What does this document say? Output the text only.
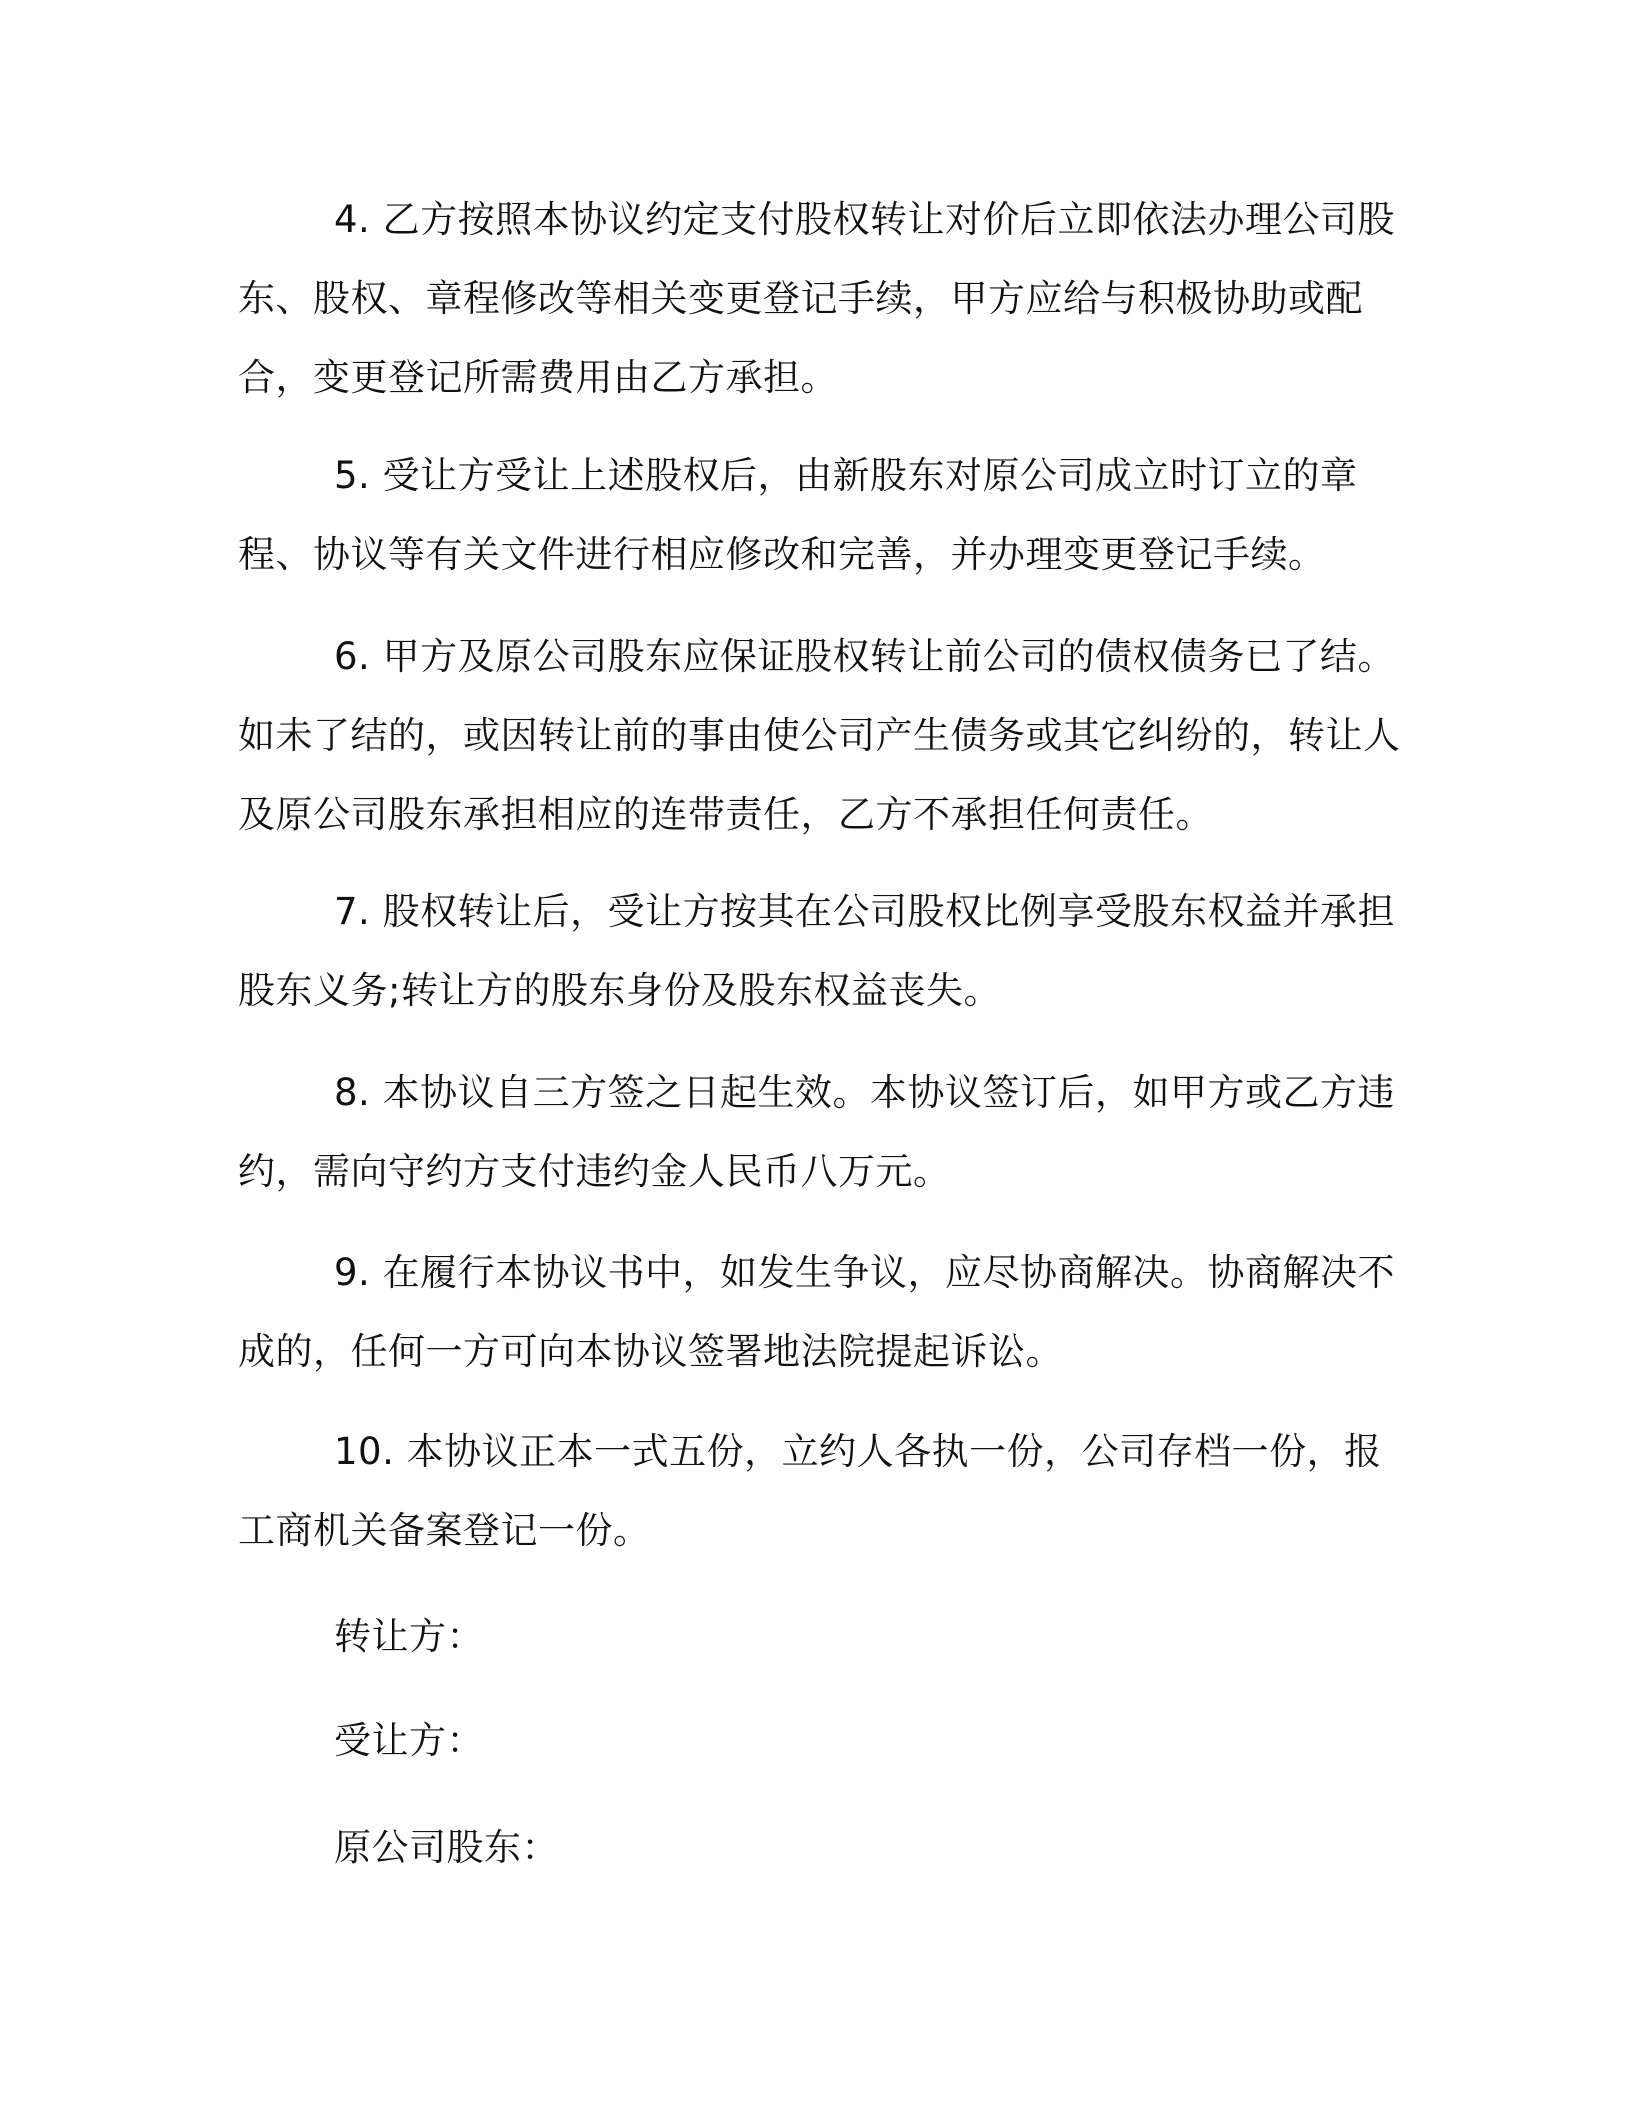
4. 乙方按照本协议约定支付股权转让对价后立即依法办理公司股东、股权、章程修改等相关变更登记手续，甲方应给与积极协助或配合，变更登记所需费用由乙方承担。

5. 受让方受让上述股权后，由新股东对原公司成立时订立的章程、协议等有关文件进行相应修改和完善，并办理变更登记手续。

6. 甲方及原公司股东应保证股权转让前公司的债权债务已了结。如未了结的，或因转让前的事由使公司产生债务或其它纠纷的，转让人及原公司股东承担相应的连带责任，乙方不承担任何责任。

7. 股权转让后，受让方按其在公司股权比例享受股东权益并承担股东义务;转让方的股东身份及股东权益丧失。

8. 本协议自三方签之日起生效。本协议签订后，如甲方或乙方违约，需向守约方支付违约金人民币八万元。

9. 在履行本协议书中，如发生争议，应尽协商解决。协商解决不成的，任何一方可向本协议签署地法院提起诉讼。

10. 本协议正本一式五份，立约人各执一份，公司存档一份，报工商机关备案登记一份。

转让方：

受让方：

原公司股东：
